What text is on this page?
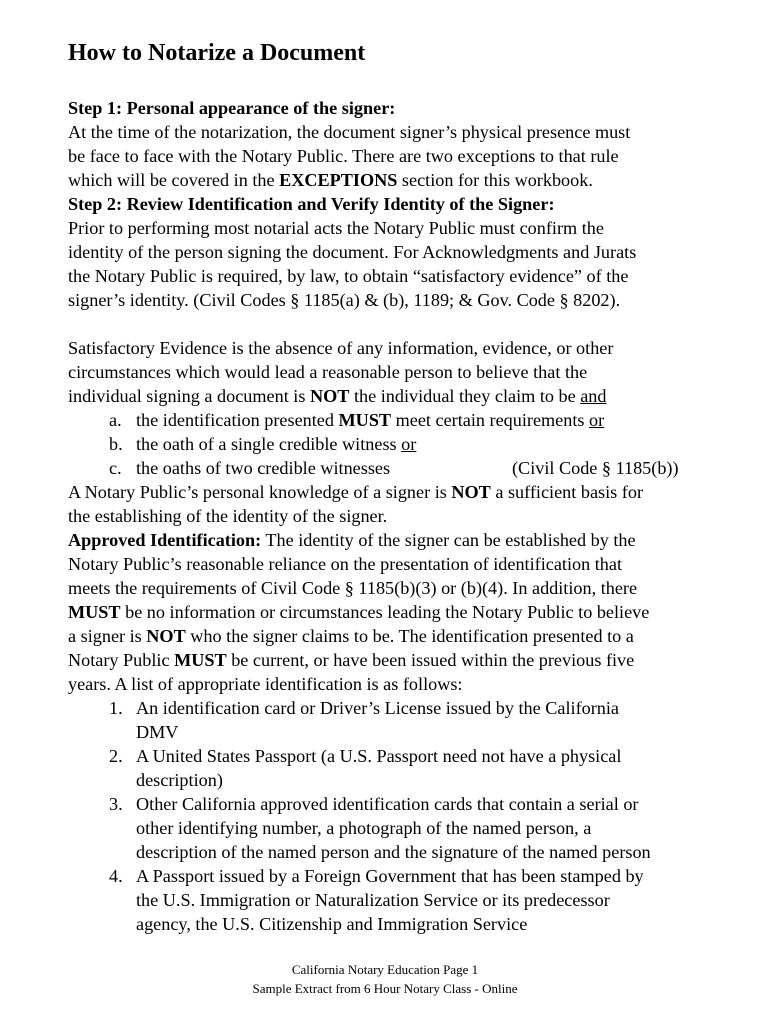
How to Notarize a Document
Step 1: Personal appearance of the signer:
At the time of the notarization, the document signer’s physical presence must
be face to face with the Notary Public. There are two exceptions to that rule
which will be covered in the EXCEPTIONS section for this workbook.
Step 2: Review Identification and Verify Identity of the Signer:
Prior to performing most notarial acts the Notary Public must confirm the
identity of the person signing the document. For Acknowledgments and Jurats
the Notary Public is required, by law, to obtain “satisfactory evidence” of the
signer’s identity. (Civil Codes § 1185(a) & (b), 1189; & Gov. Code § 8202).
Satisfactory Evidence is the absence of any information, evidence, or other
circumstances which would lead a reasonable person to believe that the
individual signing a document is NOT the individual they claim to be and
a. the identification presented MUST meet certain requirements or
b. the oath of a single credible witness or
c. the oaths of two credible witnesses	(Civil Code § 1185(b))
A Notary Public’s personal knowledge of a signer is NOT a sufficient basis for
the establishing of the identity of the signer.
Approved Identification: The identity of the signer can be established by the
Notary Public’s reasonable reliance on the presentation of identification that
meets the requirements of Civil Code § 1185(b)(3) or (b)(4). In addition, there
MUST be no information or circumstances leading the Notary Public to believe
a signer is NOT who the signer claims to be. The identification presented to a
Notary Public MUST be current, or have been issued within the previous five
years. A list of appropriate identification is as follows:
1. An identification card or Driver’s License issued by the California
DMV
2. A United States Passport (a U.S. Passport need not have a physical
description)
3. Other California approved identification cards that contain a serial or
other identifying number, a photograph of the named person, a
description of the named person and the signature of the named person
4. A Passport issued by a Foreign Government that has been stamped by
the U.S. Immigration or Naturalization Service or its predecessor
agency, the U.S. Citizenship and Immigration Service
California Notary Education Page 1
Sample Extract from 6 Hour Notary Class - Online
